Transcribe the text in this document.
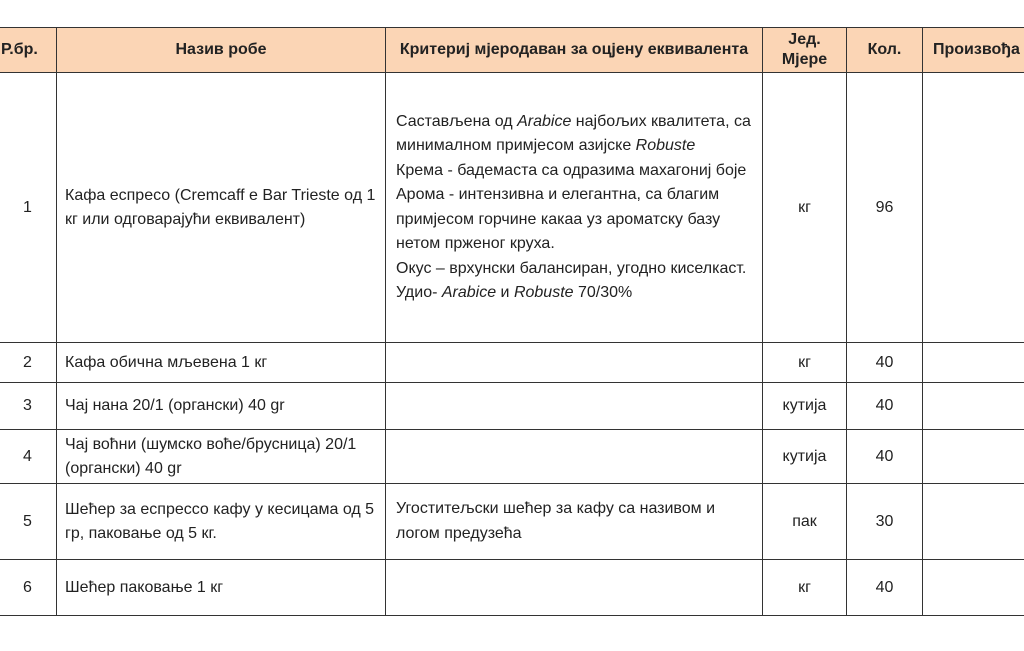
Р.бр.	Назив робе	Критериј мјеродаван за оцјену еквивалента	Јед. Мјере	Кол.	Произвођа
1	Кафа еспресо (Cremcaff e Bar Trieste од 1 кг или одговарајући еквивалент)	Састављена од Arabice најбољих квалитета, са минималном примјесом азијске Robuste
Крема - бадемаста са одразима махагониј боје
Арома - интензивна и елегантна, са благим примјесом горчине какаа уз ароматску базу нетом прженог круха.
Окус – врхунски балансиран, угодно киселкаст.
Удио- Arabice и Robuste 70/30%	кг	96	
2	Кафа обична мљевена 1 кг		кг	40	
3	Чај нана 20/1 (органски) 40 gr		кутија	40	
4	Чај воћни (шумско воће/брусница) 20/1 (органски) 40 gr		кутија	40	
5	Шећер за еспрессо кафу у кесицама од 5 гр, паковање од 5 кг.	Угоститељски шећер за кафу са називом и логом предузећа	пак	30	
6	Шећер паковање 1 кг		кг	40	
